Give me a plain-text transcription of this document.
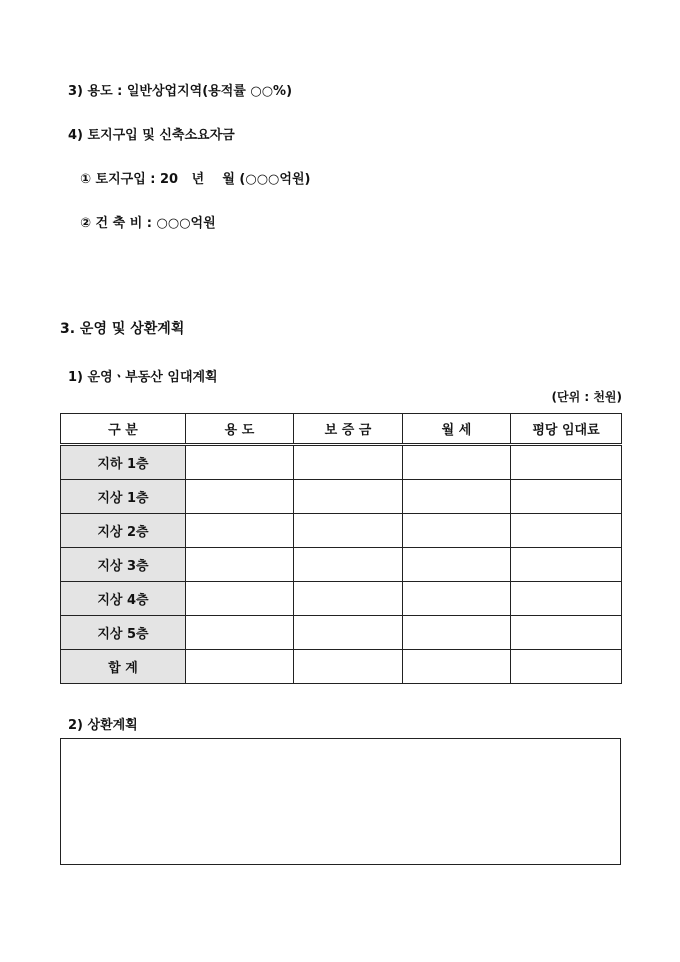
3) 용도 : 일반상업지역(용적률 ○○%)
4) 토지구입 및 신축소요자금
① 토지구입 : 20   년    월 (○○○억원)
② 건 축 비 : ○○○억원
3. 운영 및 상환계획
1) 운영ㆍ부동산 임대계획
(단위 : 천원)
구 분	용 도	보 증 금	월 세	평당 임대료
지하 1층				
지상 1층				
지상 2층				
지상 3층				
지상 4층				
지상 5층				
합 계				
2) 상환계획
